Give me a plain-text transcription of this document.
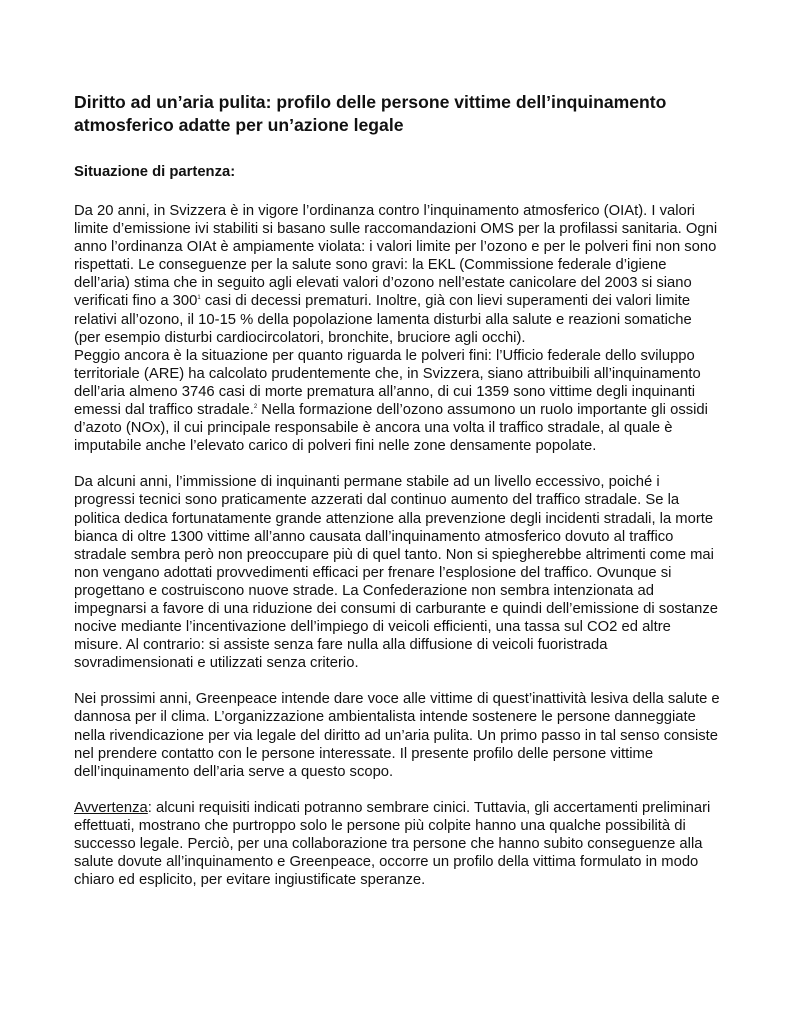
Diritto ad un’aria pulita: profilo delle persone vittime dell’inquinamento atmosferico adatte per un’azione legale
Situazione di partenza:

Da 20 anni, in Svizzera è in vigore l’ordinanza contro l’inquinamento atmosferico (OIAt). I valori limite d’emissione ivi stabiliti si basano sulle raccomandazioni OMS per la profilassi sanitaria. Ogni anno l’ordinanza OIAt è ampiamente violata: i valori limite per l’ozono e per le polveri fini non sono rispettati. Le conseguenze per la salute sono gravi: la EKL (Commissione federale d’igiene dell’aria) stima che in seguito agli elevati valori d’ozono nell’estate canicolare del 2003 si siano verificati fino a 300$^1$ casi di decessi prematuri. Inoltre, già con lievi superamenti dei valori limite relativi all’ozono, il 10-15 % della popolazione lamenta disturbi alla salute e reazioni somatiche (per esempio disturbi cardiocircolatori, bronchite, bruciore agli occhi).

Peggio ancora è la situazione per quanto riguarda le polveri fini: l’Ufficio federale dello sviluppo territoriale (ARE) ha calcolato prudentemente che, in Svizzera, siano attribuibili all’inquinamento dell’aria almeno 3746 casi di morte prematura all’anno, di cui 1359 sono vittime degli inquinanti emessi dal traffico stradale.$^2$ Nella formazione dell’ozono assumono un ruolo importante gli ossidi d’azoto (NOx), il cui principale responsabile è ancora una volta il traffico stradale, al quale è imputabile anche l’elevato carico di polveri fini nelle zone densamente popolate.

Da alcuni anni, l’immissione di inquinanti permane stabile ad un livello eccessivo, poiché i progressi tecnici sono praticamente azzerati dal continuo aumento del traffico stradale. Se la politica dedica fortunatamente grande attenzione alla prevenzione degli incidenti stradali, la morte bianca di oltre 1300 vittime all’anno causata dall’inquinamento atmosferico dovuto al traffico stradale sembra però non preoccupare più di quel tanto. Non si spiegherebbe altrimenti come mai non vengano adottati provvedimenti efficaci per frenare l’esplosione del traffico. Ovunque si progettano e costruiscono nuove strade. La Confederazione non sembra intenzionata ad impegnarsi a favore di una riduzione dei consumi di carburante e quindi dell’emissione di sostanze nocive mediante l’incentivazione dell’impiego di veicoli efficienti, una tassa sul CO2 ed altre misure. Al contrario: si assiste senza fare nulla alla diffusione di veicoli fuoristrada sovradimensionati e utilizzati senza criterio.

Nei prossimi anni, Greenpeace intende dare voce alle vittime di quest’inattività lesiva della salute e dannosa per il clima. L’organizzazione ambientalista intende sostenere le persone danneggiate nella rivendicazione per via legale del diritto ad un’aria pulita. Un primo passo in tal senso consiste nel prendere contatto con le persone interessate. Il presente profilo delle persone vittime dell’inquinamento dell’aria serve a questo scopo.

Avvertenza: alcuni requisiti indicati potranno sembrare cinici. Tuttavia, gli accertamenti preliminari effettuati, mostrano che purtroppo solo le persone più colpite hanno una qualche possibilità di successo legale. Perciò, per una collaborazione tra persone che hanno subito conseguenze alla salute dovute all’inquinamento e Greenpeace, occorre un profilo della vittima formulato in modo chiaro ed esplicito, per evitare ingiustificate speranze.
